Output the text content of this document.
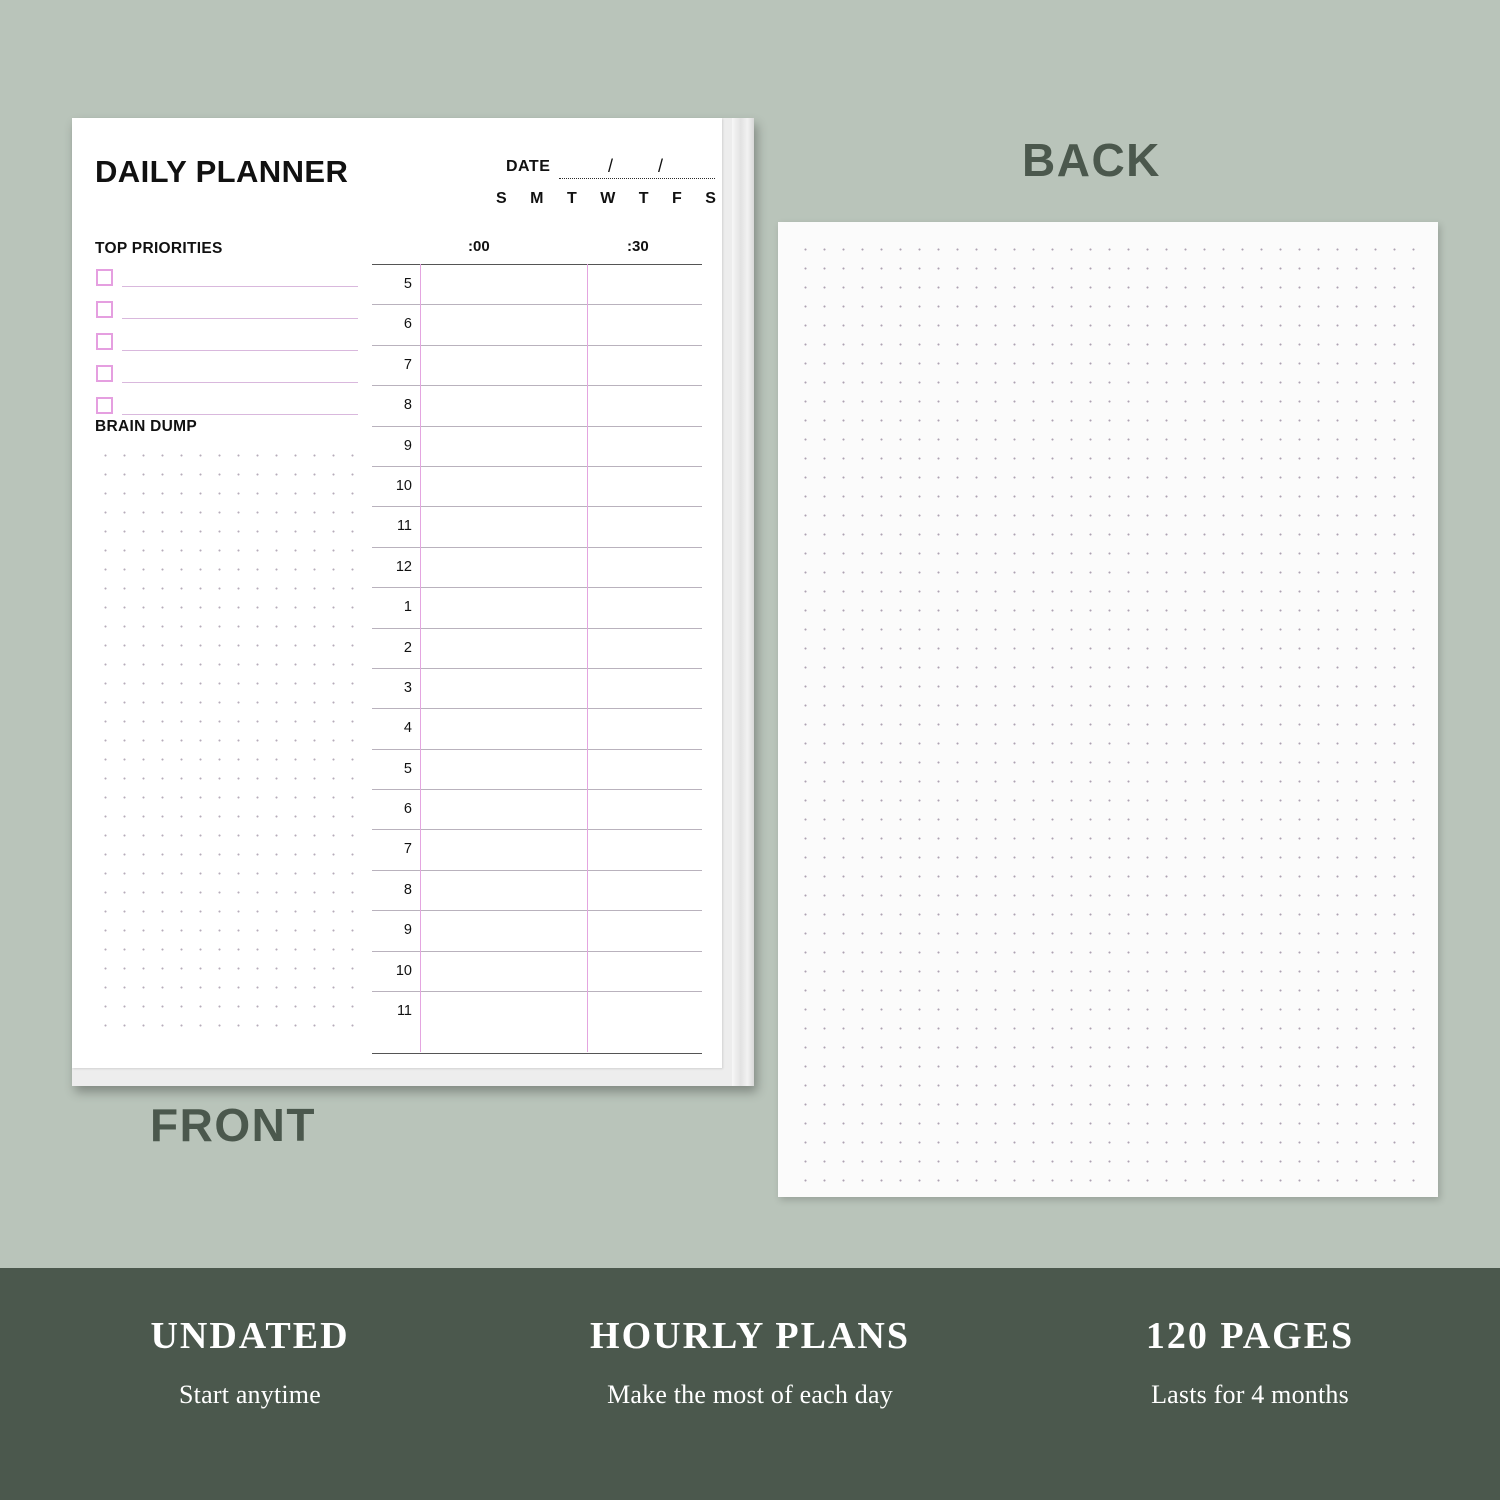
DAILY PLANNER	DATE	/ /
S M T W T F S
TOP PRIORITIES
BRAIN DUMP
:00	:30
5
6
7
8
9
10
11
12
1
2
3
4
5
6
7
8
9
10
11
FRONT
BACK
UNDATED
Start anytime
HOURLY PLANS
Make the most of each day
120 PAGES
Lasts for 4 months
